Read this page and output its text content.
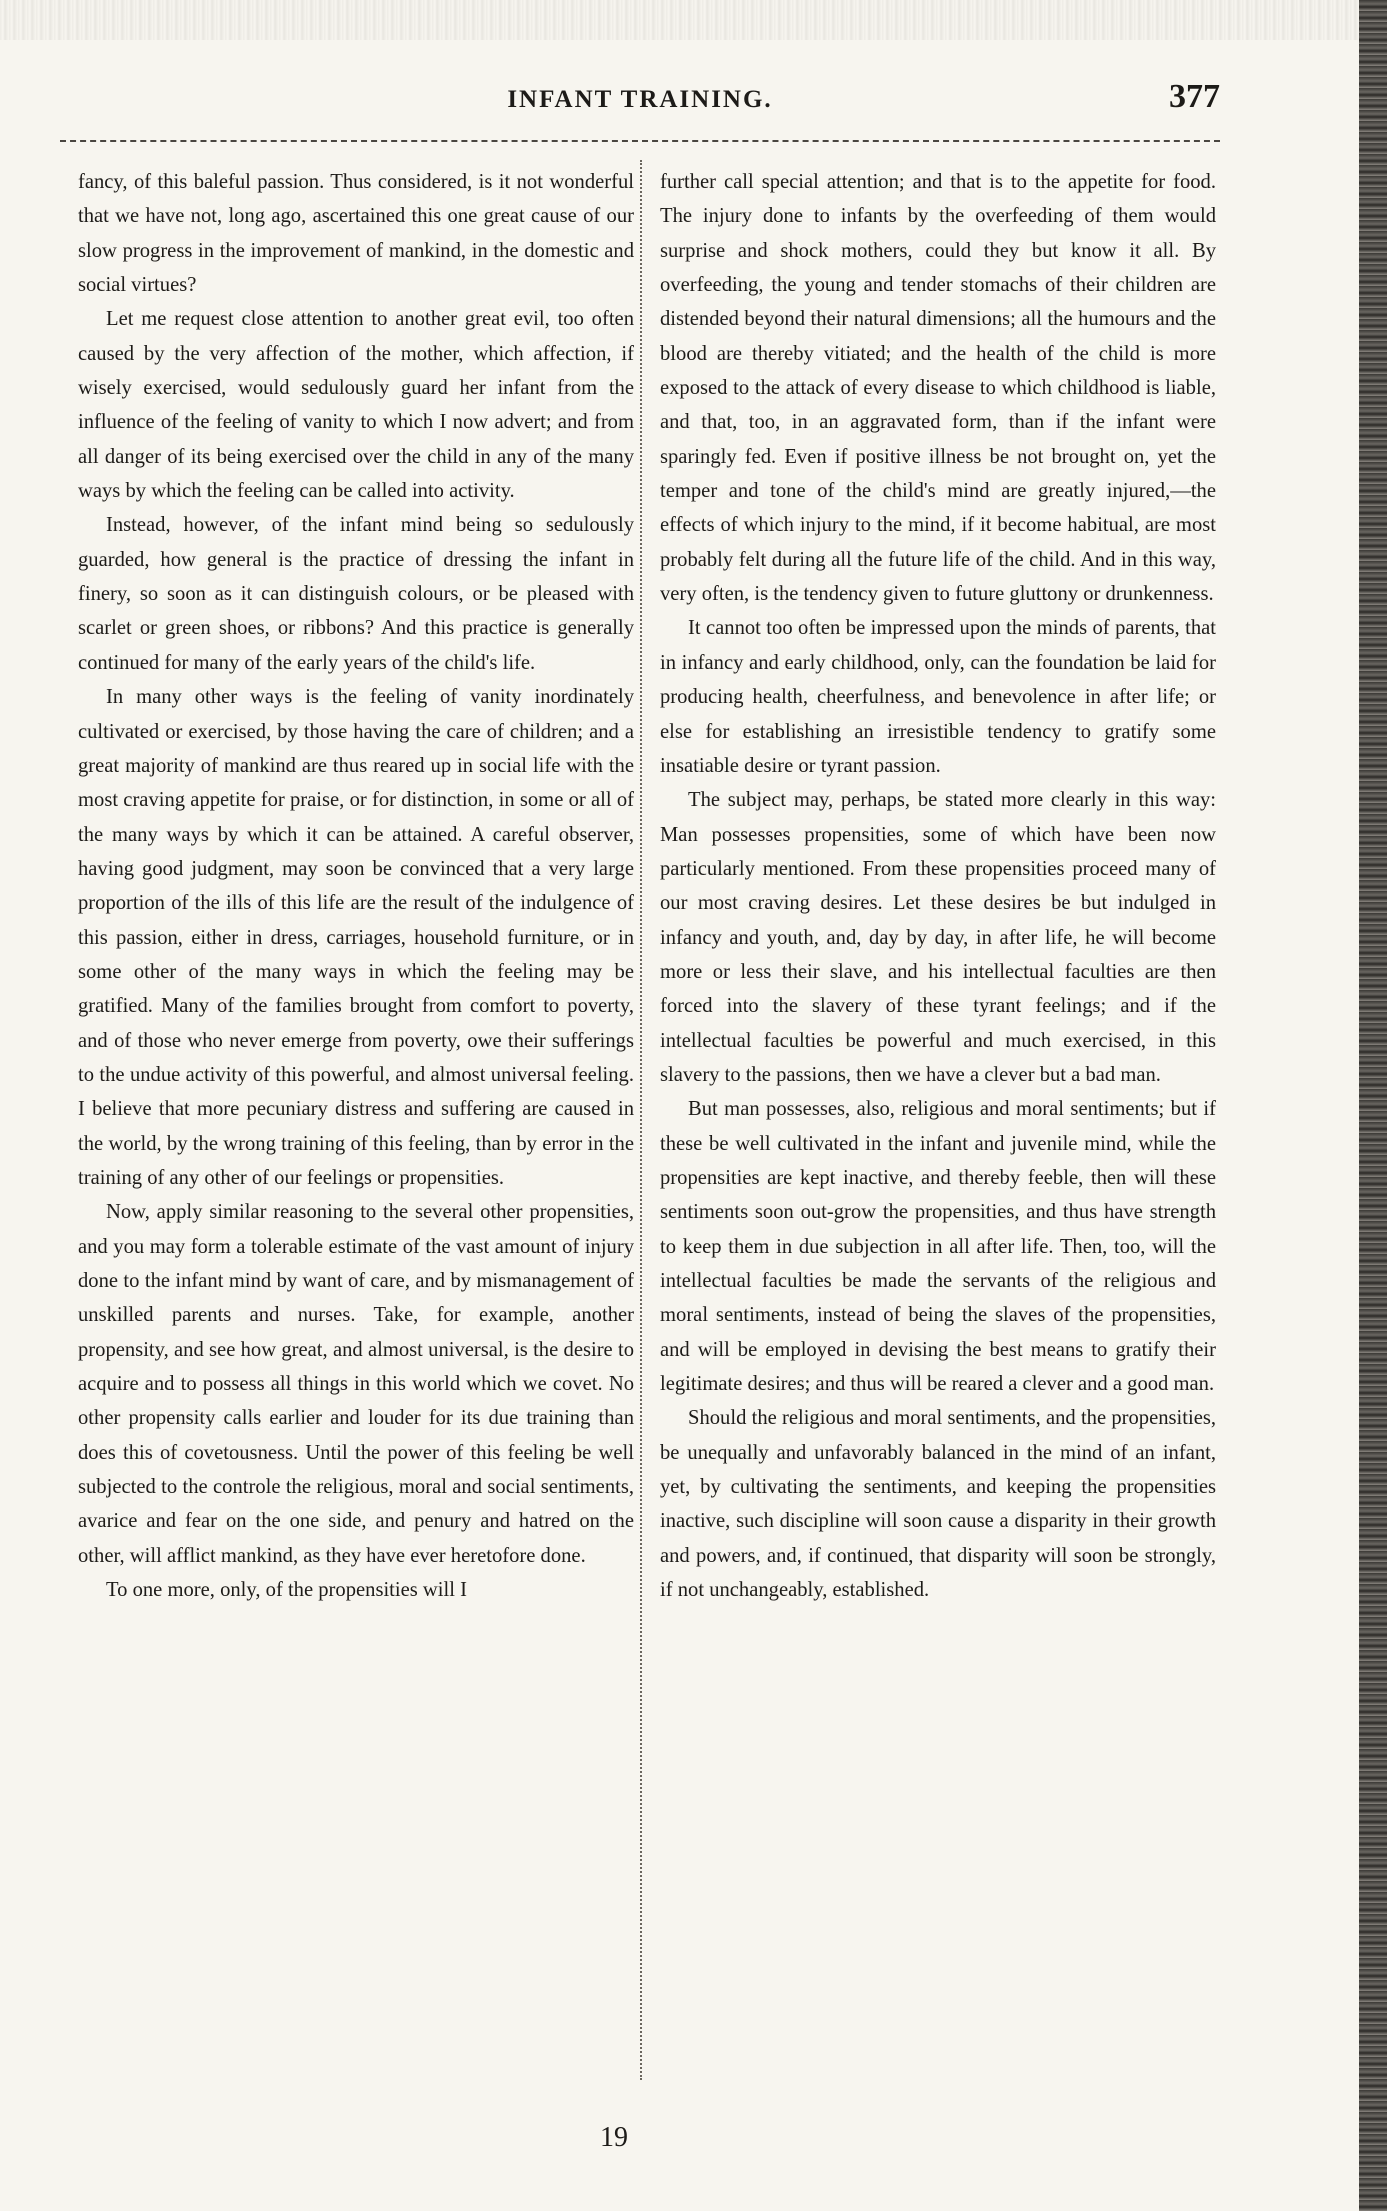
INFANT TRAINING.	377

fancy, of this baleful passion. Thus considered, is it not wonderful that we have not, long ago, ascertained this one great cause of our slow progress in the improvement of mankind, in the domestic and social virtues?

Let me request close attention to another great evil, too often caused by the very affection of the mother, which affection, if wisely exercised, would sedulously guard her infant from the influence of the feeling of vanity to which I now advert; and from all danger of its being exercised over the child in any of the many ways by which the feeling can be called into activity.

Instead, however, of the infant mind being so sedulously guarded, how general is the practice of dressing the infant in finery, so soon as it can distinguish colours, or be pleased with scarlet or green shoes, or ribbons? And this practice is generally continued for many of the early years of the child's life.

In many other ways is the feeling of vanity inordinately cultivated or exercised, by those having the care of children; and a great majority of mankind are thus reared up in social life with the most craving appetite for praise, or for distinction, in some or all of the many ways by which it can be attained. A careful observer, having good judgment, may soon be convinced that a very large proportion of the ills of this life are the result of the indulgence of this passion, either in dress, carriages, household furniture, or in some other of the many ways in which the feeling may be gratified. Many of the families brought from comfort to poverty, and of those who never emerge from poverty, owe their sufferings to the undue activity of this powerful, and almost universal feeling. I believe that more pecuniary distress and suffering are caused in the world, by the wrong training of this feeling, than by error in the training of any other of our feelings or propensities.

Now, apply similar reasoning to the several other propensities, and you may form a tolerable estimate of the vast amount of injury done to the infant mind by want of care, and by mismanagement of unskilled parents and nurses. Take, for example, another propensity, and see how great, and almost universal, is the desire to acquire and to possess all things in this world which we covet. No other propensity calls earlier and louder for its due training than does this of covetousness. Until the power of this feeling be well subjected to the controle the religious, moral and social sentiments, avarice and fear on the one side, and penury and hatred on the other, will afflict mankind, as they have ever heretofore done.

To one more, only, of the propensities will I

further call special attention; and that is to the appetite for food. The injury done to infants by the overfeeding of them would surprise and shock mothers, could they but know it all. By overfeeding, the young and tender stomachs of their children are distended beyond their natural dimensions; all the humours and the blood are thereby vitiated; and the health of the child is more exposed to the attack of every disease to which childhood is liable, and that, too, in an aggravated form, than if the infant were sparingly fed. Even if positive illness be not brought on, yet the temper and tone of the child's mind are greatly injured,—the effects of which injury to the mind, if it become habitual, are most probably felt during all the future life of the child. And in this way, very often, is the tendency given to future gluttony or drunkenness.

It cannot too often be impressed upon the minds of parents, that in infancy and early childhood, only, can the foundation be laid for producing health, cheerfulness, and benevolence in after life; or else for establishing an irresistible tendency to gratify some insatiable desire or tyrant passion.

The subject may, perhaps, be stated more clearly in this way: Man possesses propensities, some of which have been now particularly mentioned. From these propensities proceed many of our most craving desires. Let these desires be but indulged in infancy and youth, and, day by day, in after life, he will become more or less their slave, and his intellectual faculties are then forced into the slavery of these tyrant feelings; and if the intellectual faculties be powerful and much exercised, in this slavery to the passions, then we have a clever but a bad man.

But man possesses, also, religious and moral sentiments; but if these be well cultivated in the infant and juvenile mind, while the propensities are kept inactive, and thereby feeble, then will these sentiments soon out-grow the propensities, and thus have strength to keep them in due subjection in all after life. Then, too, will the intellectual faculties be made the servants of the religious and moral sentiments, instead of being the slaves of the propensities, and will be employed in devising the best means to gratify their legitimate desires; and thus will be reared a clever and a good man.

Should the religious and moral sentiments, and the propensities, be unequally and unfavorably balanced in the mind of an infant, yet, by cultivating the sentiments, and keeping the propensities inactive, such discipline will soon cause a disparity in their growth and powers, and, if continued, that disparity will soon be strongly, if not unchangeably, established.

19
